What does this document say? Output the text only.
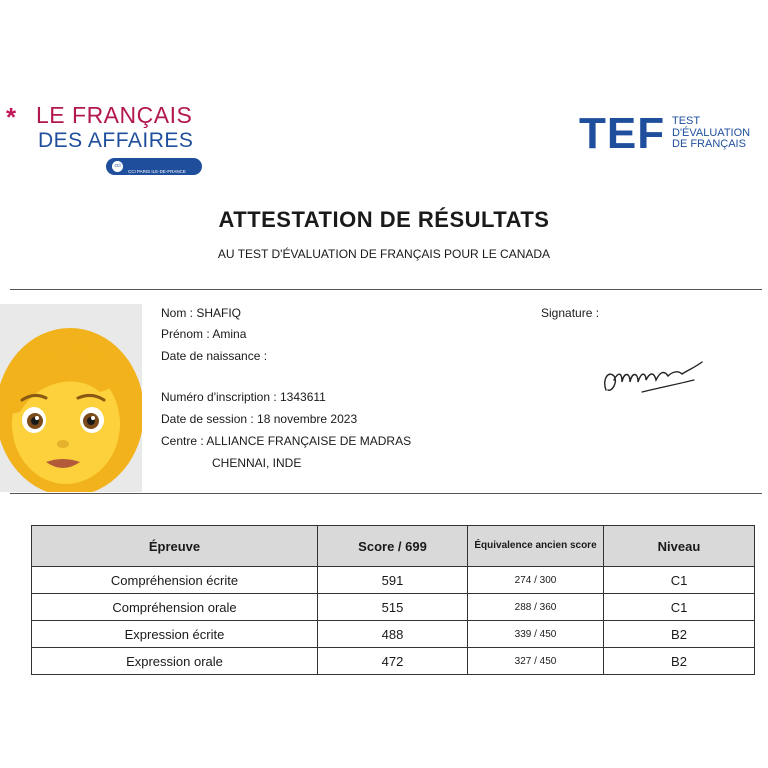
* LE FRANÇAIS
DES AFFAIRES

cci

CCI PARIS ILE-DE-FRANCE ÉDUCATION

TEF TEST
D'ÉVALUATION
DE FRANÇAIS
ATTESTATION DE RÉSULTATS
AU TEST D'ÉVALUATION DE FRANÇAIS POUR LE CANADA
Nom : SHAFIQ
Prénom : Amina
Date de naissance :
Numéro d'inscription : 1343611
Date de session : 18 novembre 2023
Centre : ALLIANCE FRANÇAISE DE MADRAS
CHENNAI, INDE
Signature :
Épreuve	Score / 699	Équivalence ancien score	Niveau
Compréhension écrite	591	274 / 300	C1
Compréhension orale	515	288 / 360	C1
Expression écrite	488	339 / 450	B2
Expression orale	472	327 / 450	B2
